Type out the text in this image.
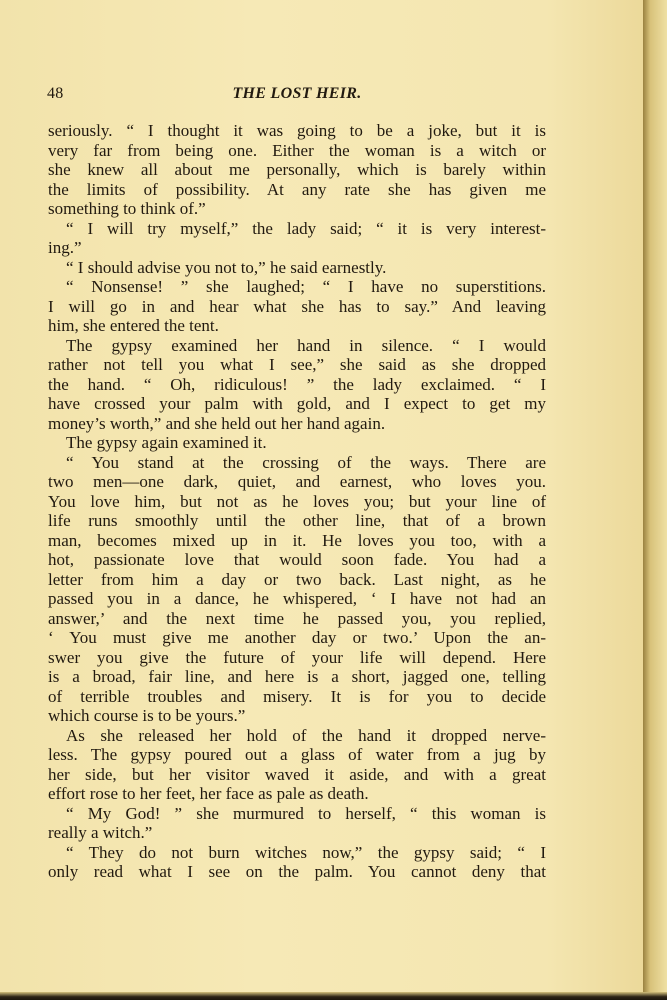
48	THE LOST HEIR.
seriously. “ I thought it was going to be a joke, but it is
very far from being one. Either the woman is a witch or
she knew all about me personally, which is barely within
the limits of possibility. At any rate she has given me
something to think of.”
“ I will try myself,” the lady said; “ it is very interest-
ing.”
“ I should advise you not to,” he said earnestly.
“ Nonsense! ” she laughed; “ I have no superstitions.
I will go in and hear what she has to say.” And leaving
him, she entered the tent.
The gypsy examined her hand in silence. “ I would
rather not tell you what I see,” she said as she dropped
the hand. “ Oh, ridiculous! ” the lady exclaimed. “ I
have crossed your palm with gold, and I expect to get my
money’s worth,” and she held out her hand again.
The gypsy again examined it.
“ You stand at the crossing of the ways. There are
two men—one dark, quiet, and earnest, who loves you.
You love him, but not as he loves you; but your line of
life runs smoothly until the other line, that of a brown
man, becomes mixed up in it. He loves you too, with a
hot, passionate love that would soon fade. You had a
letter from him a day or two back. Last night, as he
passed you in a dance, he whispered, ‘ I have not had an
answer,’ and the next time he passed you, you replied,
‘ You must give me another day or two.’ Upon the an-
swer you give the future of your life will depend. Here
is a broad, fair line, and here is a short, jagged one, telling
of terrible troubles and misery. It is for you to decide
which course is to be yours.”
As she released her hold of the hand it dropped nerve-
less. The gypsy poured out a glass of water from a jug by
her side, but her visitor waved it aside, and with a great
effort rose to her feet, her face as pale as death.
“ My God! ” she murmured to herself, “ this woman is
really a witch.”
“ They do not burn witches now,” the gypsy said; “ I
only read what I see on the palm. You cannot deny that
